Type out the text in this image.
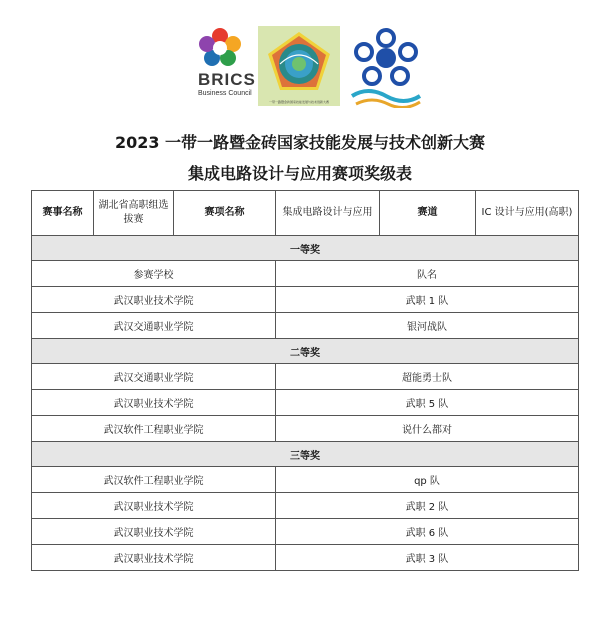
BRICS
Business Council
一带一路暨金砖国家技能发展与技术创新大赛
2023 一带一路暨金砖国家技能发展与技术创新大赛
集成电路设计与应用赛项奖级表
赛事名称	湖北省高职组选拔赛	赛项名称	集成电路设计与应用	赛道	IC 设计与应用(高职)
一等奖					
参赛学校			队名		
武汉职业技术学院			武职 1 队		
武汉交通职业学院			银河战队		
二等奖					
武汉交通职业学院			超能勇士队		
武汉职业技术学院			武职 5 队		
武汉软件工程职业学院			说什么都对		
三等奖					
武汉软件工程职业学院			qp 队		
武汉职业技术学院			武职 2 队		
武汉职业技术学院			武职 6 队		
武汉职业技术学院			武职 3 队		
